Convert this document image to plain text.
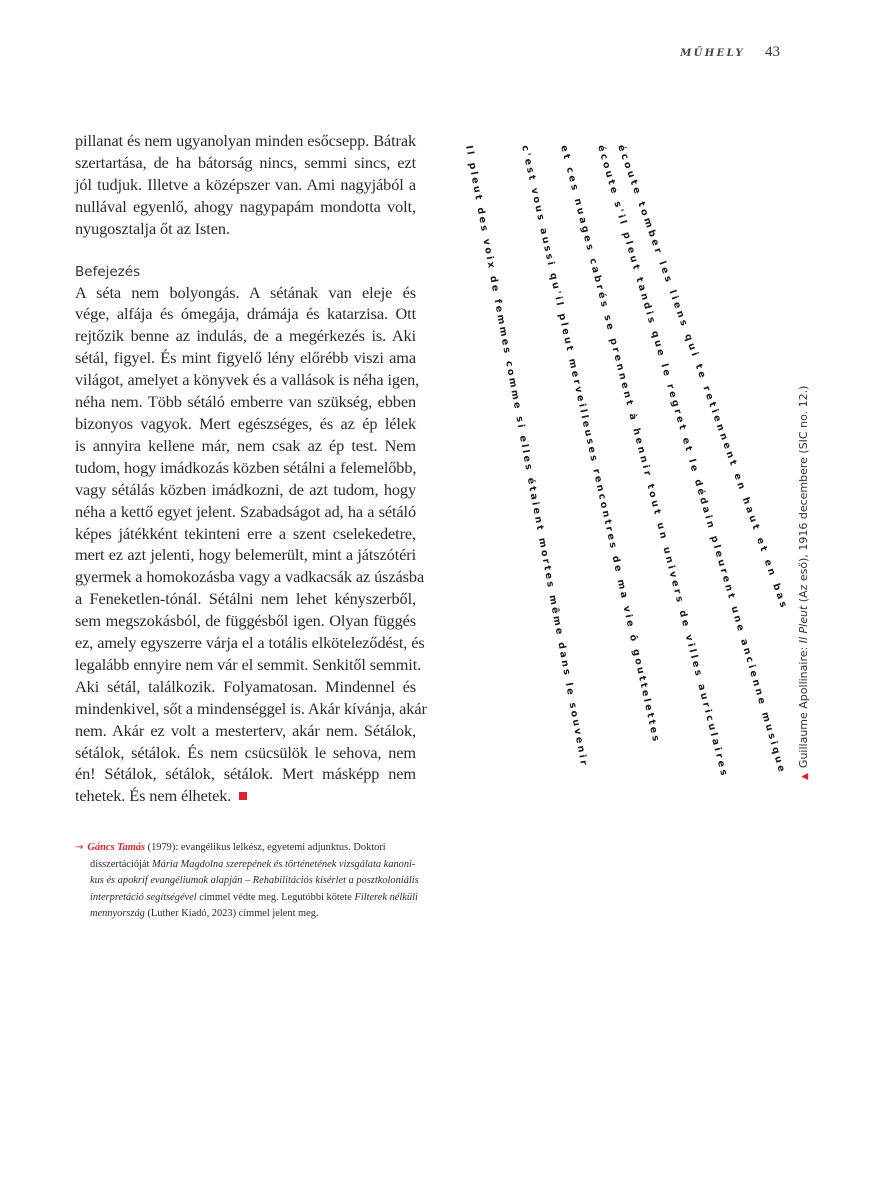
MŰHELY 43

pillanat és nem ugyanolyan minden esőcsepp. Bátrak
szertartása, de ha bátorság nincs, semmi sincs, ezt
jól tudjuk. Illetve a középszer van. Ami nagyjából a
nullával egyenlő, ahogy nagypapám mondotta volt,
nyugosztalja őt az Isten.

Befejezés

A séta nem bolyongás. A sétának van eleje és
vége, alfája és ómegája, drámája és katarzisa. Ott
rejtőzik benne az indulás, de a megérkezés is. Aki
sétál, figyel. És mint figyelő lény előrébb viszi ama
világot, amelyet a könyvek és a vallások is néha igen,
néha nem. Több sétáló emberre van szükség, ebben
bizonyos vagyok. Mert egészséges, és az ép lélek
is annyira kellene már, nem csak az ép test. Nem
tudom, hogy imádkozás közben sétálni a felemelőbb,
vagy sétálás közben imádkozni, de azt tudom, hogy
néha a kettő egyet jelent. Szabadságot ad, ha a sétáló
képes játékként tekinteni erre a szent cselekedetre,
mert ez azt jelenti, hogy belemerült, mint a játszótéri
gyermek a homokozásba vagy a vadkacsák az úszásba
a Feneketlen-tónál. Sétálni nem lehet kényszerből,
sem megszokásból, de függésből igen. Olyan függés
ez, amely egyszerre várja el a totális elköteleződést, és
legalább ennyire nem vár el semmit. Senkitől semmit.
Aki sétál, találkozik. Folyamatosan. Mindennel és
mindenkivel, sőt a mindenséggel is. Akár kívánja, akár
nem. Akár ez volt a mesterterv, akár nem. Sétálok,
sétálok, sétálok. És nem csücsülök le sehova, nem
én! Sétálok, sétálok, sétálok. Mert másképp nem
tehetek. És nem élhetek.

→ Gáncs Tamás (1979): evangélikus lelkész, egyetemi adjunktus. Doktori
disszertációját Mária Magdolna szerepének és történetének vizsgálata kanoni-
kus és apokrif evangéliumok alapján – Rehabilitációs kísérlet a posztkoloniális
interpretáció segítségével címmel védte meg. Legutóbbi kötete Filterek nélküli
mennyország (Luther Kiadó, 2023) címmel jelent meg.
Il pleut des voix de femmes comme si elles étaient mortes même dans le souvenir
c'est vous aussi qu'il pleut merveilleuses rencontres de ma vie ô gouttelettes
et ces nuages cabrés se prennent à hennir tout un univers de villes auriculaires
écoute s'il pleut tandis que le regret et le dédain pleurent une ancienne musique
écoute tomber les liens qui te retiennent en haut et en bas
▲Guillaume Apollinaire: Il Pleut (Az eső), 1916 decembere (SIC no. 12.)
